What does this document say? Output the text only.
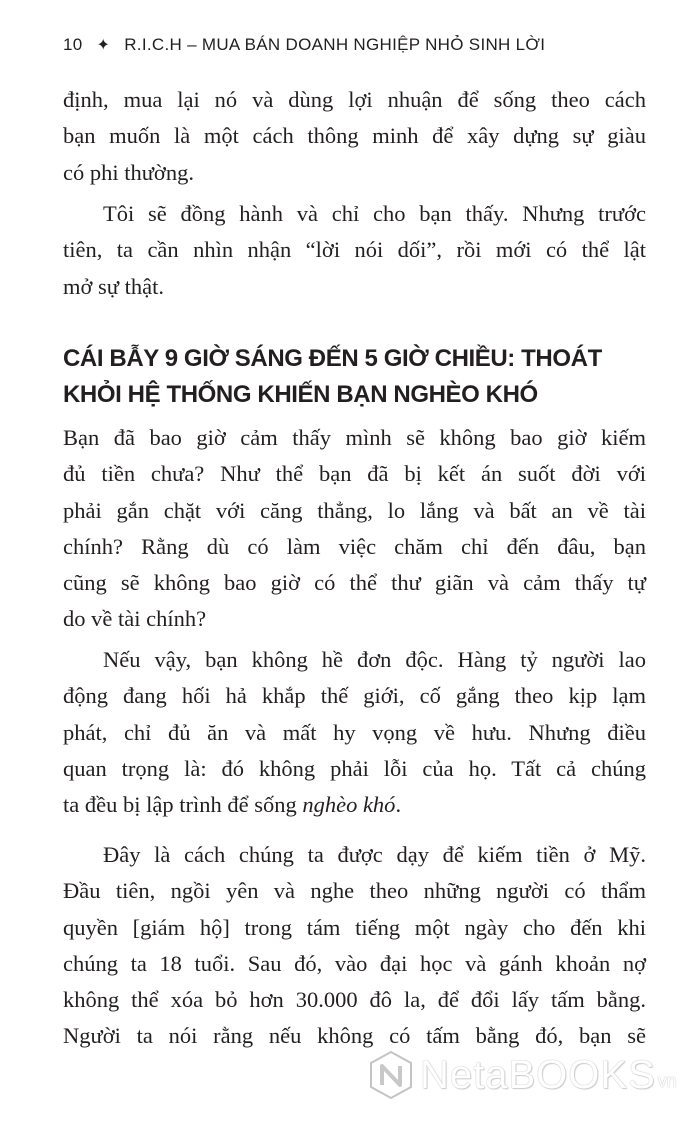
10 ✦ R.I.C.H – MUA BÁN DOANH NGHIỆP NHỎ SINH LỜI
định, mua lại nó và dùng lợi nhuận để sống theo cách
bạn muốn là một cách thông minh để xây dựng sự giàu
có phi thường.
Tôi sẽ đồng hành và chỉ cho bạn thấy. Nhưng trước
tiên, ta cần nhìn nhận “lời nói dối”, rồi mới có thể lật
mở sự thật.
CÁI BẪY 9 GIỜ SÁNG ĐẾN 5 GIỜ CHIỀU: THOÁT
KHỎI HỆ THỐNG KHIẾN BẠN NGHÈO KHÓ
Bạn đã bao giờ cảm thấy mình sẽ không bao giờ kiếm
đủ tiền chưa? Như thể bạn đã bị kết án suốt đời với
phải gắn chặt với căng thẳng, lo lắng và bất an về tài
chính? Rằng dù có làm việc chăm chỉ đến đâu, bạn
cũng sẽ không bao giờ có thể thư giãn và cảm thấy tự
do về tài chính?
Nếu vậy, bạn không hề đơn độc. Hàng tỷ người lao
động đang hối hả khắp thế giới, cố gắng theo kịp lạm
phát, chỉ đủ ăn và mất hy vọng về hưu. Nhưng điều
quan trọng là: đó không phải lỗi của họ. Tất cả chúng
ta đều bị lập trình để sống nghèo khó.
Đây là cách chúng ta được dạy để kiếm tiền ở Mỹ.
Đầu tiên, ngồi yên và nghe theo những người có thẩm
quyền [giám hộ] trong tám tiếng một ngày cho đến khi
chúng ta 18 tuổi. Sau đó, vào đại học và gánh khoản nợ
không thể xóa bỏ hơn 30.000 đô la, để đổi lấy tấm bằng.
Người ta nói rằng nếu không có tấm bằng đó, bạn sẽ
NetaBOOKS vn
